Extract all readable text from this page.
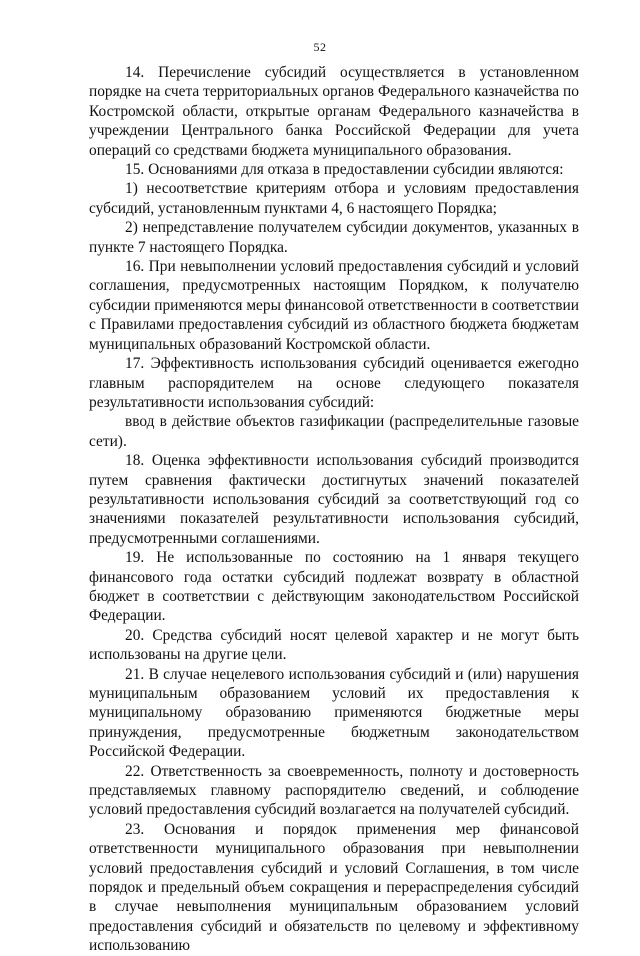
52

14. Перечисление субсидий осуществляется в установленном порядке на счета территориальных органов Федерального казначейства по Костромской области, открытые органам Федерального казначейства в учреждении Центрального банка Российской Федерации для учета операций со средствами бюджета муниципального образования.

15. Основаниями для отказа в предоставлении субсидии являются:

1) несоответствие критериям отбора и условиям предоставления субсидий, установленным пунктами 4, 6 настоящего Порядка;

2) непредставление получателем субсидии документов, указанных в пункте 7 настоящего Порядка.

16. При невыполнении условий предоставления субсидий и условий соглашения, предусмотренных настоящим Порядком, к получателю субсидии применяются меры финансовой ответственности в соответствии с Правилами предоставления субсидий из областного бюджета бюджетам муниципальных образований Костромской области.

17. Эффективность использования субсидий оценивается ежегодно главным распорядителем на основе следующего показателя результативности использования субсидий:

ввод в действие объектов газификации (распределительные газовые сети).

18. Оценка эффективности использования субсидий производится путем сравнения фактически достигнутых значений показателей результативности использования субсидий за соответствующий год со значениями показателей результативности использования субсидий, предусмотренными соглашениями.

19. Не использованные по состоянию на 1 января текущего финансового года остатки субсидий подлежат возврату в областной бюджет в соответствии с действующим законодательством Российской Федерации.

20. Средства субсидий носят целевой характер и не могут быть использованы на другие цели.

21. В случае нецелевого использования субсидий и (или) нарушения муниципальным образованием условий их предоставления к муниципальному образованию применяются бюджетные меры принуждения, предусмотренные бюджетным законодательством Российской Федерации.

22. Ответственность за своевременность, полноту и достоверность представляемых главному распорядителю сведений, и соблюдение условий предоставления субсидий возлагается на получателей субсидий.

23. Основания и порядок применения мер финансовой ответственности муниципального образования при невыполнении условий предоставления субсидий и условий Соглашения, в том числе порядок и предельный объем сокращения и перераспределения субсидий в случае невыполнения муниципальным образованием условий предоставления субсидий и обязательств по целевому и эффективному использованию
